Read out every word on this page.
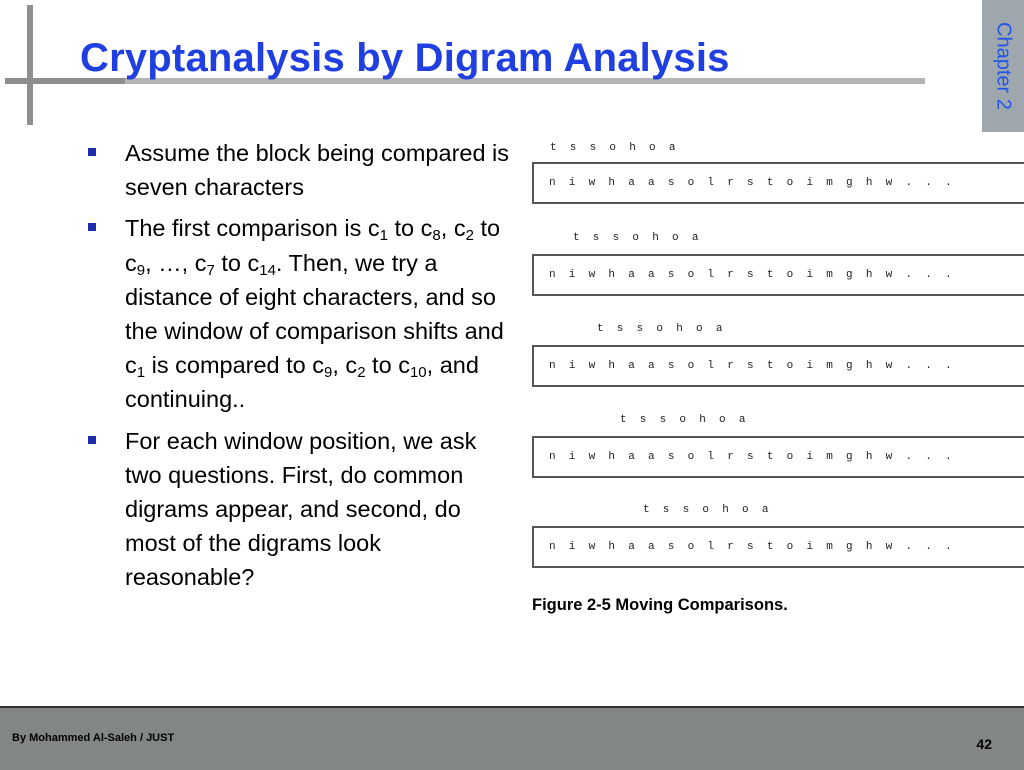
Cryptanalysis by Digram Analysis	Chapter 2
Assume the block being compared is seven characters
The first comparison is $c_1$ to $c_8$, $c_2$ to $c_9$, …, $c_7$ to $c_{14}$. Then, we try a distance of eight characters, and so the window of comparison shifts and $c_1$ is compared to $c_9$, $c_2$ to $c_{10}$, and continuing..
For each window position, we ask two questions. First, do common digrams appear, and second, do most of the digrams look reasonable?
t  s  s  o  h  o  a
n  i  w  h  a  a  s  o  l  r  s  t  o  i  m  g  h  w  .  .  .
t  s  s  o  h  o  a
n  i  w  h  a  a  s  o  l  r  s  t  o  i  m  g  h  w  .  .  .
t  s  s  o  h  o  a
n  i  w  h  a  a  s  o  l  r  s  t  o  i  m  g  h  w  .  .  .
t  s  s  o  h  o  a
n  i  w  h  a  a  s  o  l  r  s  t  o  i  m  g  h  w  .  .  .
t  s  s  o  h  o  a
n  i  w  h  a  a  s  o  l  r  s  t  o  i  m  g  h  w  .  .  .

Figure 2-5 Moving Comparisons.

By Mohammed Al-Saleh / JUST	42
